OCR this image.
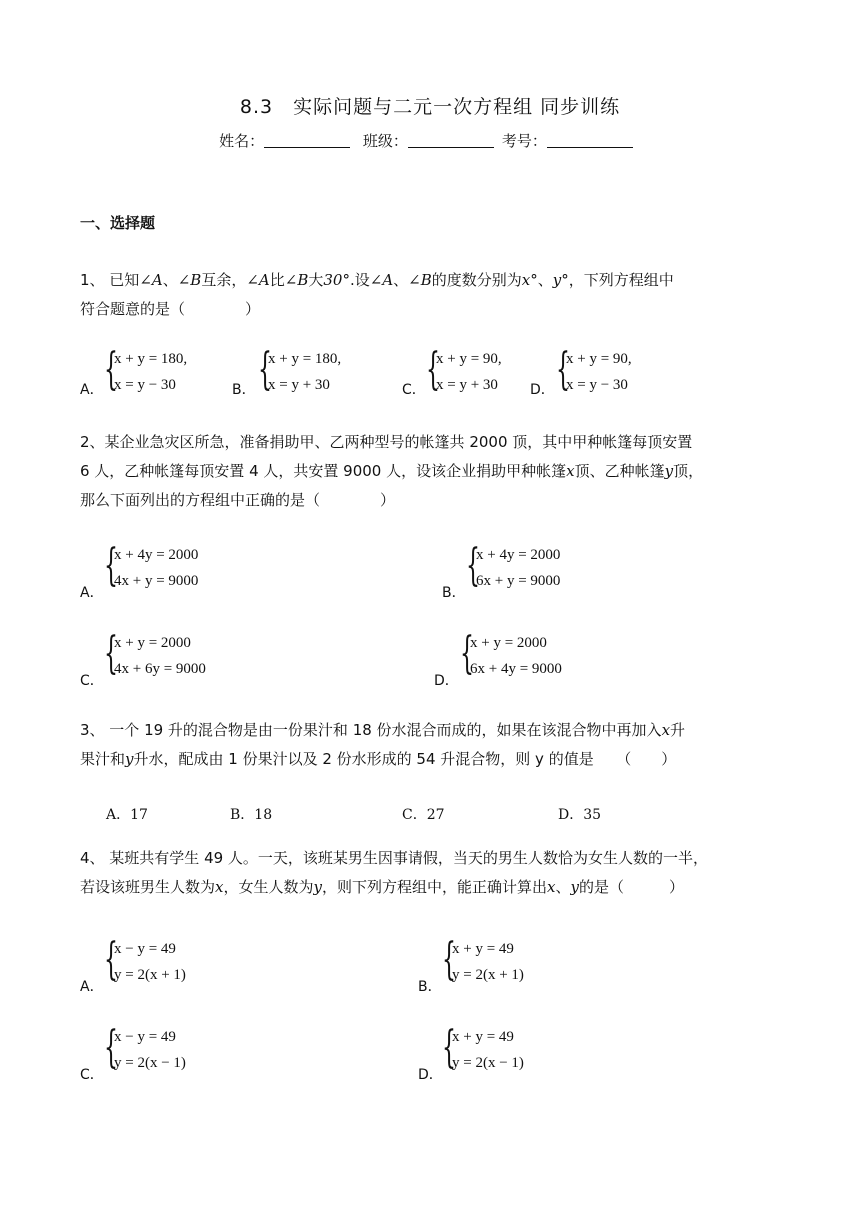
8.3　实际问题与二元一次方程组 同步训练
姓名：	班级：	考号：
一、选择题
1、 已知∠A、∠B互余，∠A比∠B大30°.设∠A、∠B的度数分别为x°、y°，下列方程组中
符合题意的是（　　　　）
A． {
x + y = 180,
x = y − 30	B． {
x + y = 180,
x = y + 30	C． {
x + y = 90,
x = y + 30 D． {
x + y = 90,
x = y − 30
2、某企业急灾区所急，准备捐助甲、乙两种型号的帐篷共 2000 顶，其中甲种帐篷每顶安置
6 人，乙种帐篷每顶安置 4 人，共安置 9000 人，设该企业捐助甲种帐篷x顶、乙种帐篷y顶，
那么下面列出的方程组中正确的是（　　　　）
A．
{
x + 4y = 2000
4x + y = 9000
B．
{
x + 4y = 2000
6x + y = 9000
C．
{
x + y = 2000
4x + 6y = 9000
D．
{
x + y = 2000
6x + 4y = 9000
3、 一个 19 升的混合物是由一份果汁和 18 份水混合而成的，如果在该混合物中再加入x升
果汁和y升水，配成由 1 份果汁以及 2 份水形成的 54 升混合物，则 y 的值是　　（　　）
A．17	B．18	C．27	D．35
4、 某班共有学生 49 人。一天，该班某男生因事请假，当天的男生人数恰为女生人数的一半，
若设该班男生人数为x，女生人数为y，则下列方程组中，能正确计算出x、y的是（　　　）
A．
{
x − y = 49
y = 2(x + 1)
B．
{
x + y = 49
y = 2(x + 1)
C．
{
x − y = 49
y = 2(x − 1)
D．
{
x + y = 49
y = 2(x − 1)
